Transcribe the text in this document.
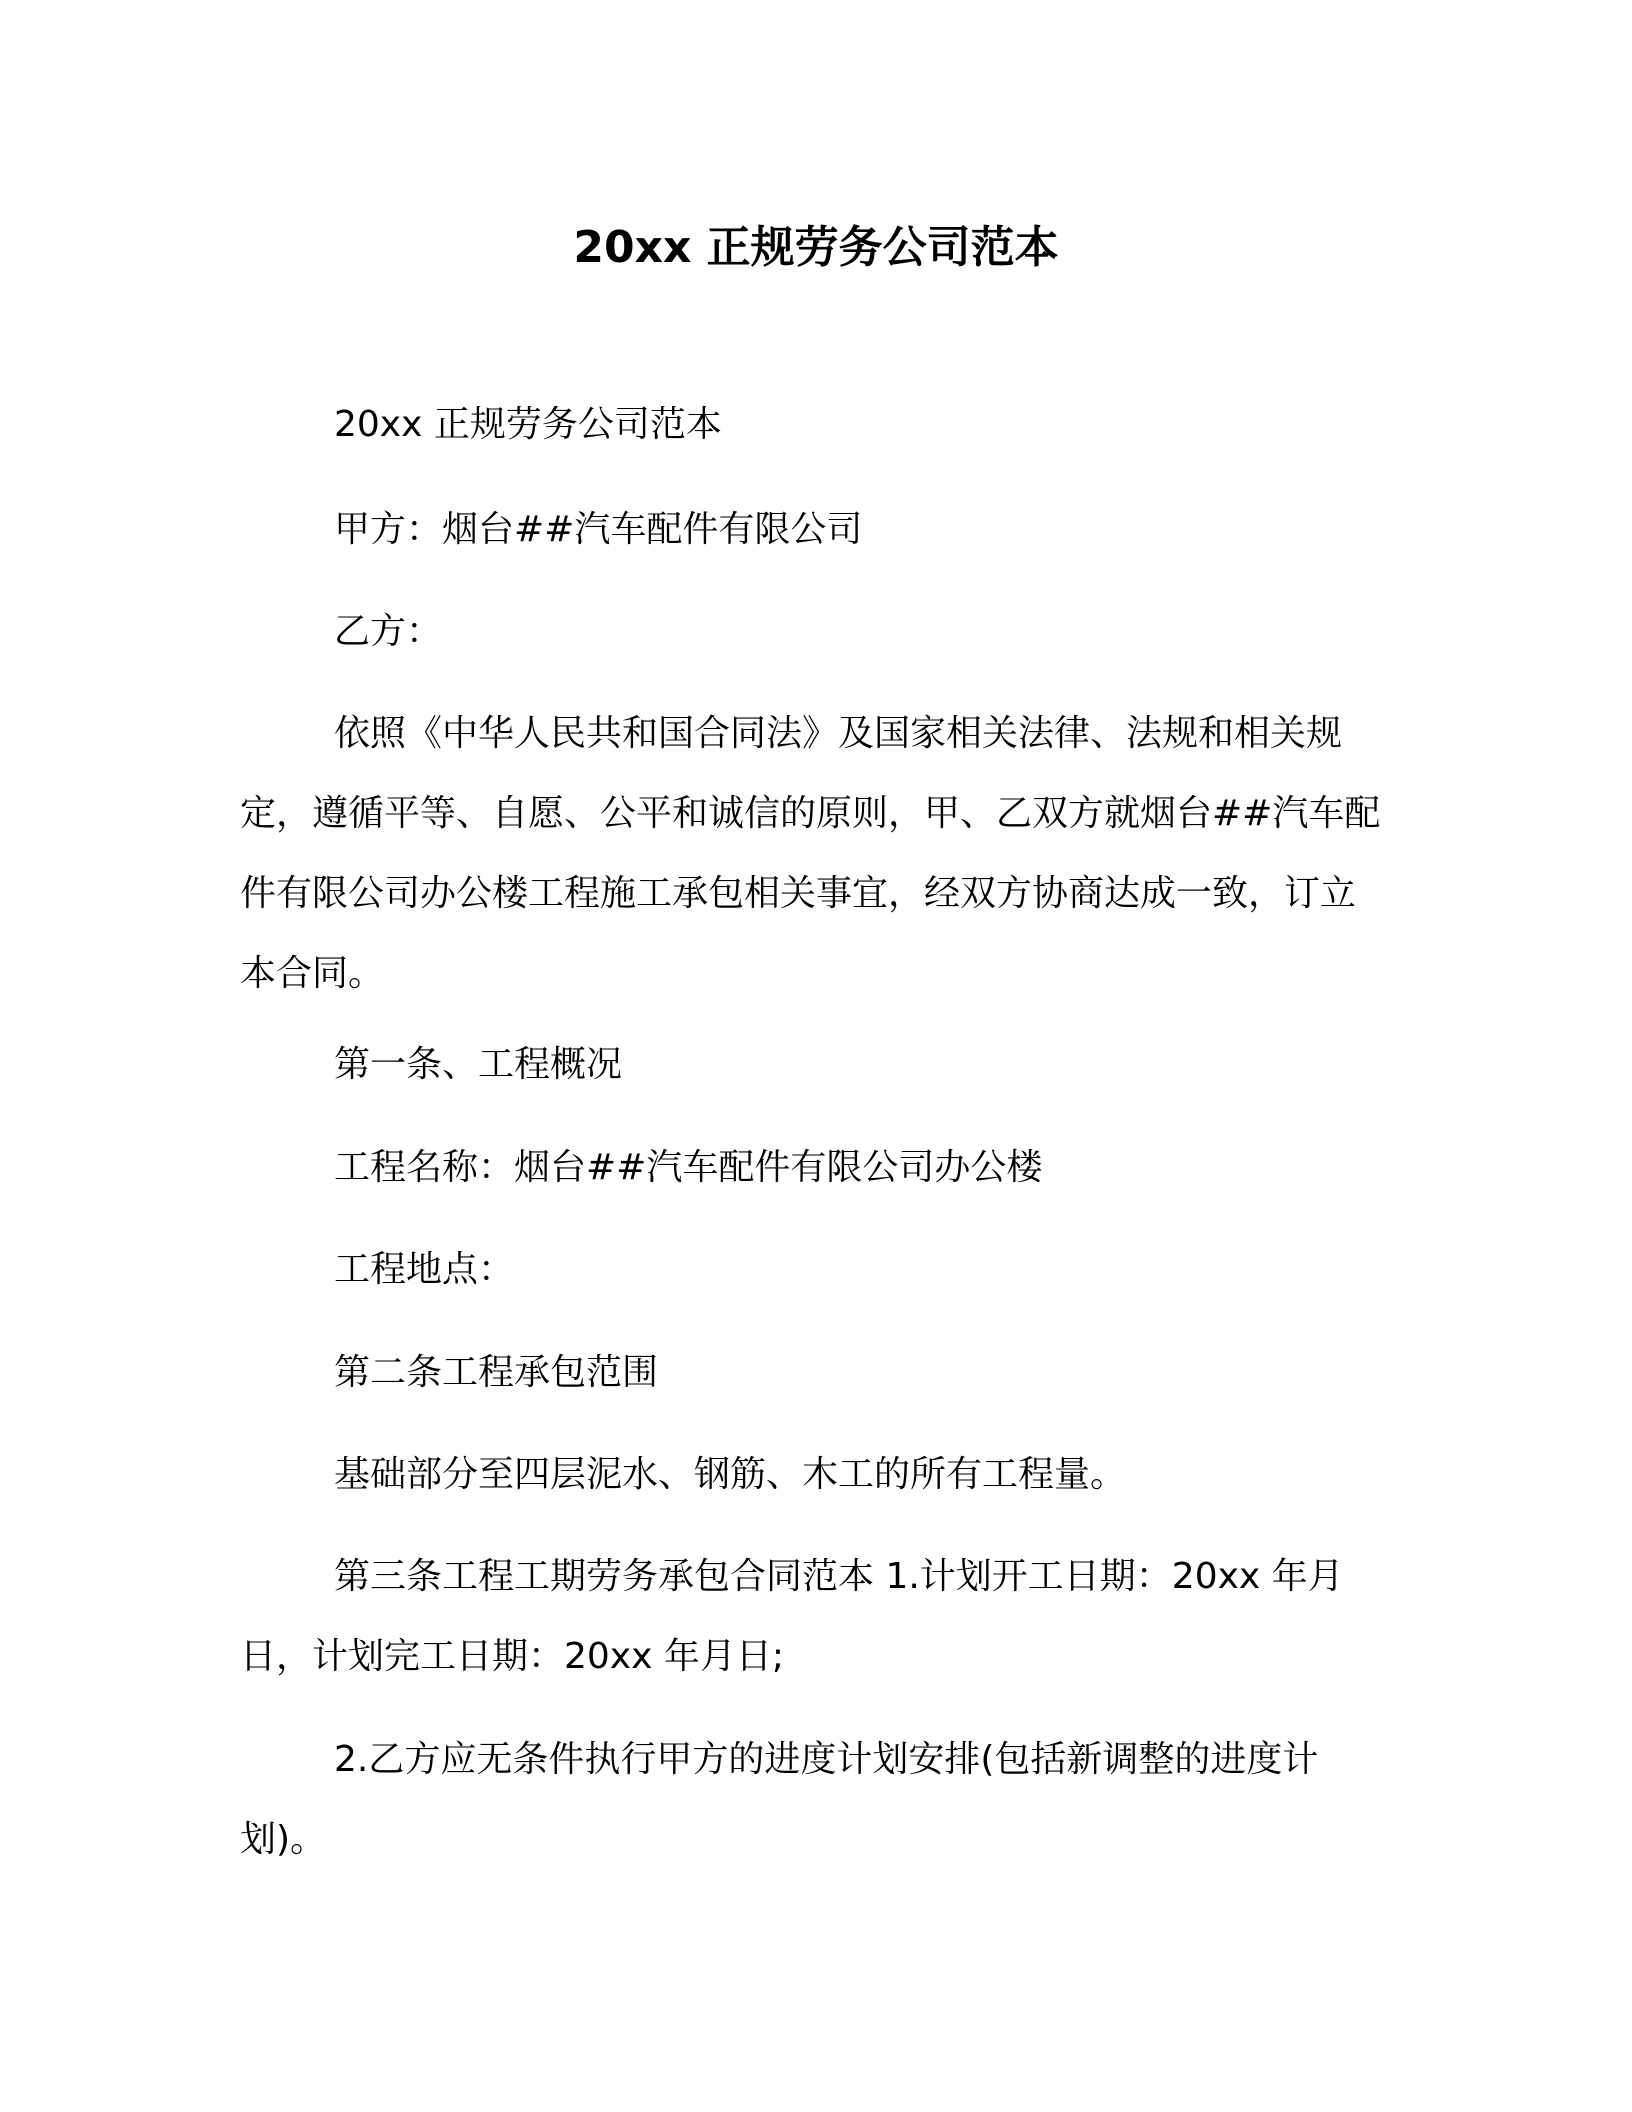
20xx 正规劳务公司范本

20xx 正规劳务公司范本

甲方：烟台##汽车配件有限公司

乙方：

依照《中华人民共和国合同法》及国家相关法律、法规和相关规定，遵循平等、自愿、公平和诚信的原则，甲、乙双方就烟台##汽车配件有限公司办公楼工程施工承包相关事宜，经双方协商达成一致，订立本合同。

第一条、工程概况

工程名称：烟台##汽车配件有限公司办公楼

工程地点：

第二条工程承包范围

基础部分至四层泥水、钢筋、木工的所有工程量。

第三条工程工期劳务承包合同范本 1.计划开工日期：20xx 年月日，计划完工日期：20xx 年月日;

2.乙方应无条件执行甲方的进度计划安排(包括新调整的进度计划)。
